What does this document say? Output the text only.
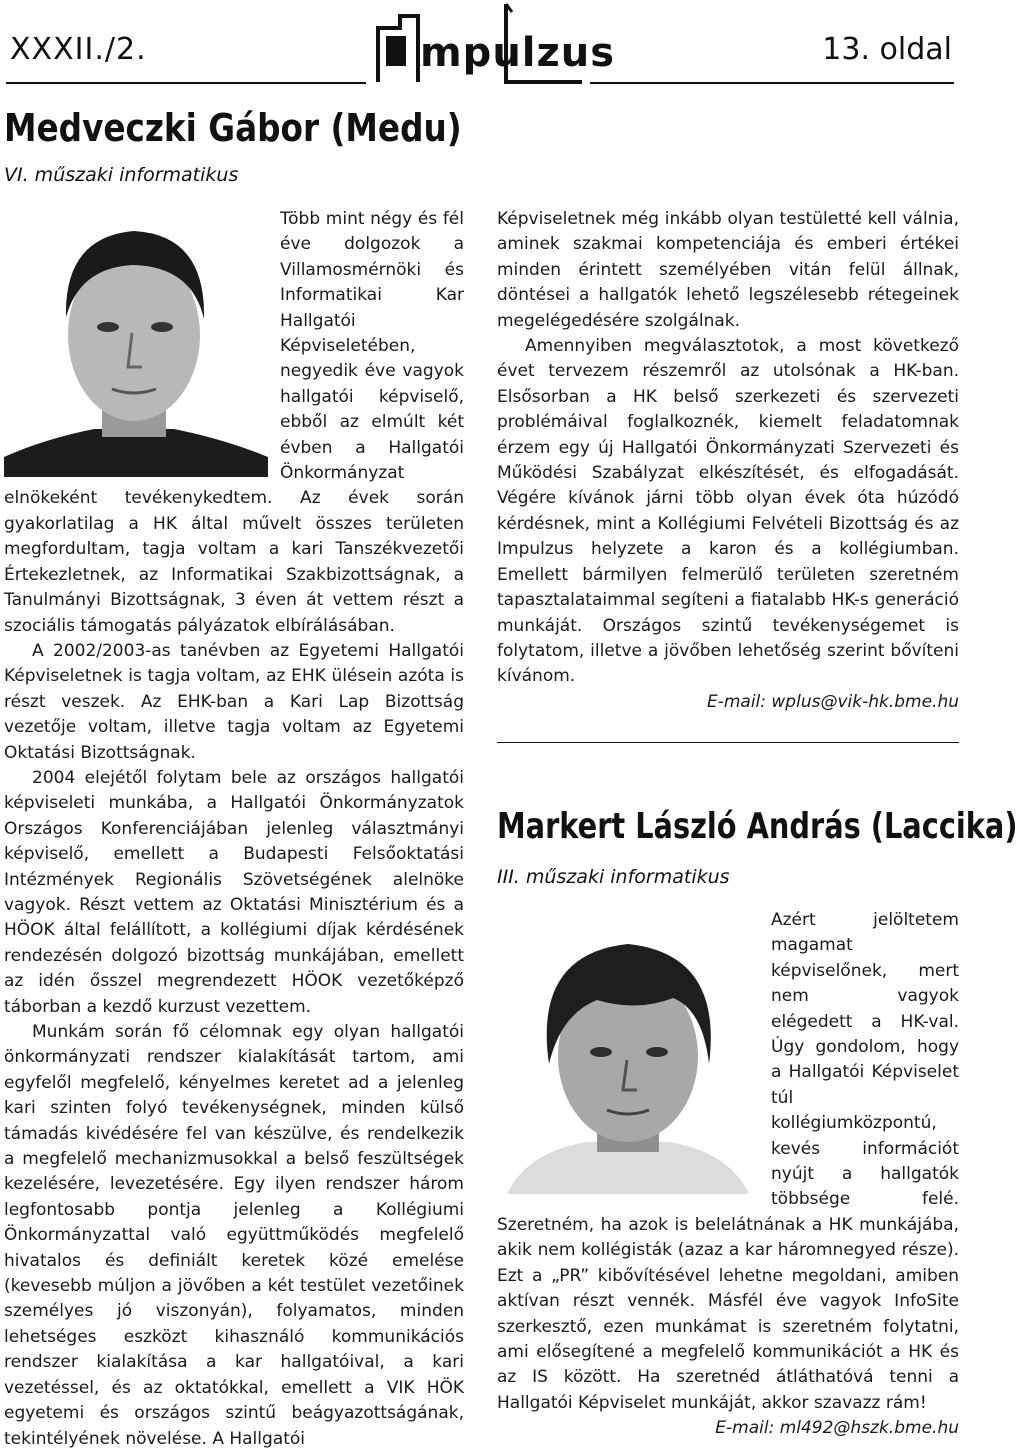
XXXII./2.	mpulzus	13. oldal
Medveczki Gábor (Medu)
VI. műszaki informatikus

Több mint négy és fél éve dolgozok a Villamosmérnöki és Informatikai Kar Hallgatói Képviseletében, negyedik éve vagyok hallgatói képviselő, ebből az elmúlt két évben a Hallgatói Önkormányzat elnökeként tevékenykedtem. Az évek során gyakorlatilag a HK által művelt összes területen megfordultam, tagja voltam a kari Tanszékvezetői Értekezletnek, az Informatikai Szakbizottságnak, a Tanulmányi Bizottságnak, 3 éven át vettem részt a szociális támogatás pályázatok elbírálásában.

A 2002/2003-as tanévben az Egyetemi Hallgatói Képviseletnek is tagja voltam, az EHK ülésein azóta is részt veszek. Az EHK-ban a Kari Lap Bizottság vezetője voltam, illetve tagja voltam az Egyetemi Oktatási Bizottságnak.

2004 elejétől folytam bele az országos hallgatói képviseleti munkába, a Hallgatói Önkormányzatok Országos Konferenciájában jelenleg választmányi képviselő, emellett a Budapesti Felsőoktatási Intézmények Regionális Szövetségének alelnöke vagyok. Részt vettem az Oktatási Minisztérium és a HÖOK által felállított, a kollégiumi díjak kérdésének rendezésén dolgozó bizottság munkájában, emellett az idén ősszel megrendezett HÖOK vezetőképző táborban a kezdő kurzust vezettem.

Munkám során fő célomnak egy olyan hallgatói önkormányzati rendszer kialakítását tartom, ami egyfelől megfelelő, kényelmes keretet ad a jelenleg kari szinten folyó tevékenységnek, minden külső támadás kivédésére fel van készülve, és rendelkezik a megfelelő mechanizmusokkal a belső feszültségek kezelésére, levezetésére. Egy ilyen rendszer három legfontosabb pontja jelenleg a Kollégiumi Önkormányzattal való együttműködés megfelelő hivatalos és definiált keretek közé emelése (kevesebb múljon a jövőben a két testület vezetőinek személyes jó viszonyán), folyamatos, minden lehetséges eszközt kihasználó kommunikációs rendszer kialakítása a kar hallgatóival, a kari vezetéssel, és az oktatókkal, emellett a VIK HÖK egyetemi és országos szintű beágyazottságának, tekintélyének növelése. A Hallgatói

Képviseletnek még inkább olyan testületté kell válnia, aminek szakmai kompetenciája és emberi értékei minden érintett személyében vitán felül állnak, döntései a hallgatók lehető legszélesebb rétegeinek megelégedésére szolgálnak.

Amennyiben megválasztotok, a most következő évet tervezem részemről az utolsónak a HK-ban. Elsősorban a HK belső szerkezeti és szervezeti problémáival foglalkoznék, kiemelt feladatomnak érzem egy új Hallgatói Önkormányzati Szervezeti és Működési Szabályzat elkészítését, és elfogadását. Végére kívánok járni több olyan évek óta húzódó kérdésnek, mint a Kollégiumi Felvételi Bizottság és az Impulzus helyzete a karon és a kollégiumban. Emellett bármilyen felmerülő területen szeretném tapasztalataimmal segíteni a fiatalabb HK-s generáció munkáját. Országos szintű tevékenységemet is folytatom, illetve a jövőben lehetőség szerint bővíteni kívánom.

E-mail: wplus@vik-hk.bme.hu

Markert László András (Laccika)
III. műszaki informatikus

Azért jelöltetem magamat képviselőnek, mert nem vagyok elégedett a HK-val. Úgy gondolom, hogy a Hallgatói Képviselet túl kollégiumközpontú, kevés információt nyújt a hallgatók többsége felé. Szeretném, ha azok is belelátnának a HK munkájába, akik nem kollégisták (azaz a kar háromnegyed része). Ezt a „PR” kibővítésével lehetne megoldani, amiben aktívan részt vennék. Másfél éve vagyok InfoSite szerkesztő, ezen munkámat is szeretném folytatni, ami elősegítené a megfelelő kommunikációt a HK és az IS között. Ha szeretnéd átláthatóvá tenni a Hallgatói Képviselet munkáját, akkor szavazz rám!

E-mail: ml492@hszk.bme.hu
